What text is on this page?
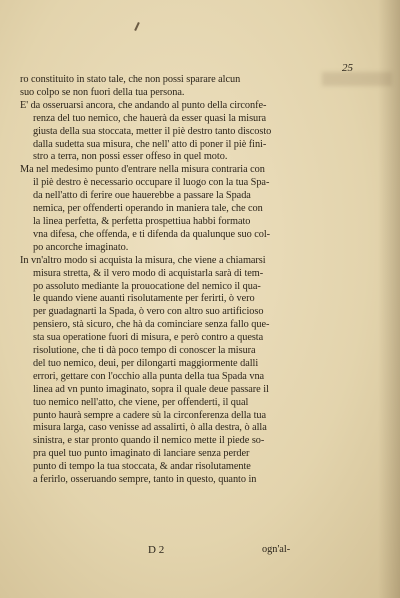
25
ro constituito in stato tale, che non possi sparare alcun
suo colpo se non fuori della tua persona.
E' da osseruarsi ancora, che andando al punto della circonfe-
renza del tuo nemico, che hauerà da esser quasi la misura
giusta della sua stoccata, metter il piè destro tanto discosto
dalla sudetta sua misura, che nell' atto di poner il piè fini-
stro a terra, non possi esser offeso in quel moto.
Ma nel medesimo punto d'entrare nella misura contraria con
il piè destro è necessario occupare il luogo con la tua Spa-
da nell'atto di ferire oue hauerebbe a passare la Spada
nemica, per offenderti operando in maniera tale, che con
la linea perfetta, & perfetta prospettiua habbi formato
vna difesa, che offenda, e ti difenda da qualunque suo col-
po ancorche imaginato.
In vn'altro modo si acquista la misura, che viene a chiamarsi
misura stretta, & il vero modo di acquistarla sarà di tem-
po assoluto mediante la prouocatione del nemico il qua-
le quando viene auanti risolutamente per ferirti, ò vero
per guadagnarti la Spada, ò vero con altro suo artificioso
pensiero, stà sicuro, che hà da cominciare senza fallo que-
sta sua operatione fuori di misura, e però contro a questa
risolutione, che ti dà poco tempo di conoscer la misura
del tuo nemico, deui, per dilongarti maggiormente dalli
errori, gettare con l'occhio alla punta della tua Spada vna
linea ad vn punto imaginato, sopra il quale deue passare il
tuo nemico nell'atto, che viene, per offenderti, il qual
punto haurà sempre a cadere sù la circonferenza della tua
misura larga, caso venisse ad assalirti, ò alla destra, ò alla
sinistra, e star pronto quando il nemico mette il piede so-
pra quel tuo punto imaginato di lanciare senza perder
punto di tempo la tua stoccata, & andar risolutamente
a ferirlo, osseruando sempre, tanto in questo, quanto in
D 2	ogn'al-
